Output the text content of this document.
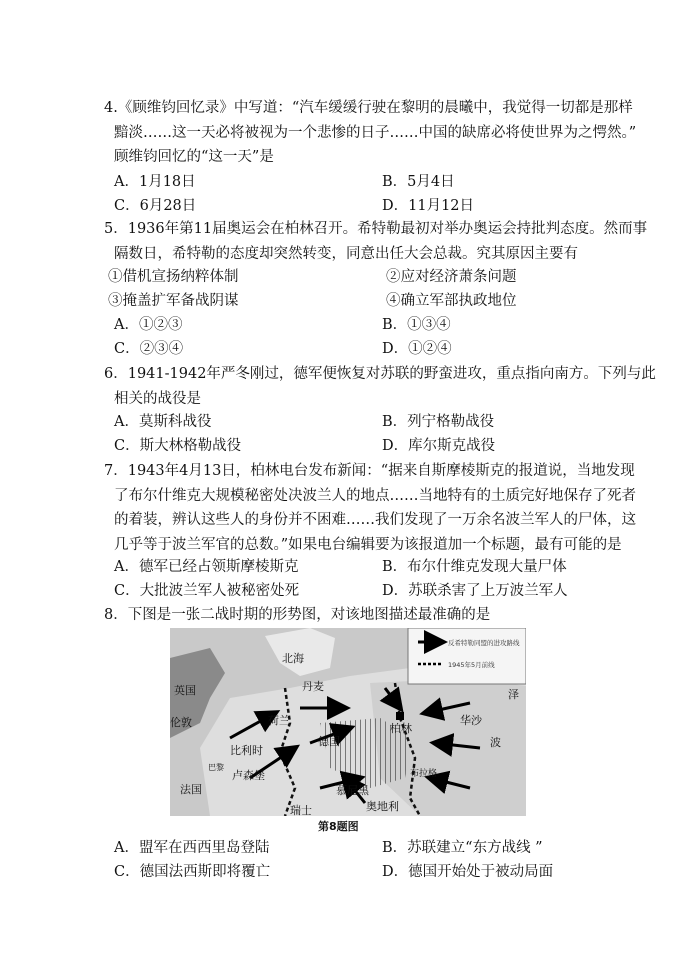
4.《顾维钧回忆录》中写道：“汽车缓缓行驶在黎明的晨曦中，我觉得一切都是那样
黯淡……这一天必将被视为一个悲惨的日子……中国的缺席必将使世界为之愕然。”
顾维钧回忆的“这一天”是
A．1月18日	B．5月4日
C．6月28日	D．11月12日
5．1936年第11届奥运会在柏林召开。希特勒最初对举办奥运会持批判态度。然而事
隔数日，希特勒的态度却突然转变，同意出任大会总裁。究其原因主要有
①借机宣扬纳粹体制	②应对经济萧条问题
③掩盖扩军备战阴谋	④确立军部执政地位
A．①②③	B．①③④
C．②③④	D．①②④
6．1941-1942年严冬刚过，德军便恢复对苏联的野蛮进攻，重点指向南方。下列与此
相关的战役是
A．莫斯科战役	B．列宁格勒战役
C．斯大林格勒战役	D．库尔斯克战役
7．1943年4月13日，柏林电台发布新闻：“据来自斯摩棱斯克的报道说，当地发现
了布尔什维克大规模秘密处决波兰人的地点……当地特有的土质完好地保存了死者
的着装，辨认这些人的身份并不困难……我们发现了一万余名波兰军人的尸体，这
几乎等于波兰军官的总数。”如果电台编辑要为该报道加一个标题，最有可能的是
A．德军已经占领斯摩棱斯克	B．布尔什维克发现大量尸体
C．大批波兰军人被秘密处死	D．苏联杀害了上万波兰军人
8．下图是一张二战时期的形势图，对该地图描述最准确的是
反希特勒同盟的进攻路线
1945年5月前线
北海
丹麦
英国
伦敦	荷兰
德国
柏林
华沙
波
比利时
卢森堡
巴黎
法国
布拉格
慕尼黑
奥地利
瑞士
泽
第8题图
A．盟军在西西里岛登陆	B．苏联建立“东方战线 ”
C．德国法西斯即将覆亡	D．德国开始处于被动局面
